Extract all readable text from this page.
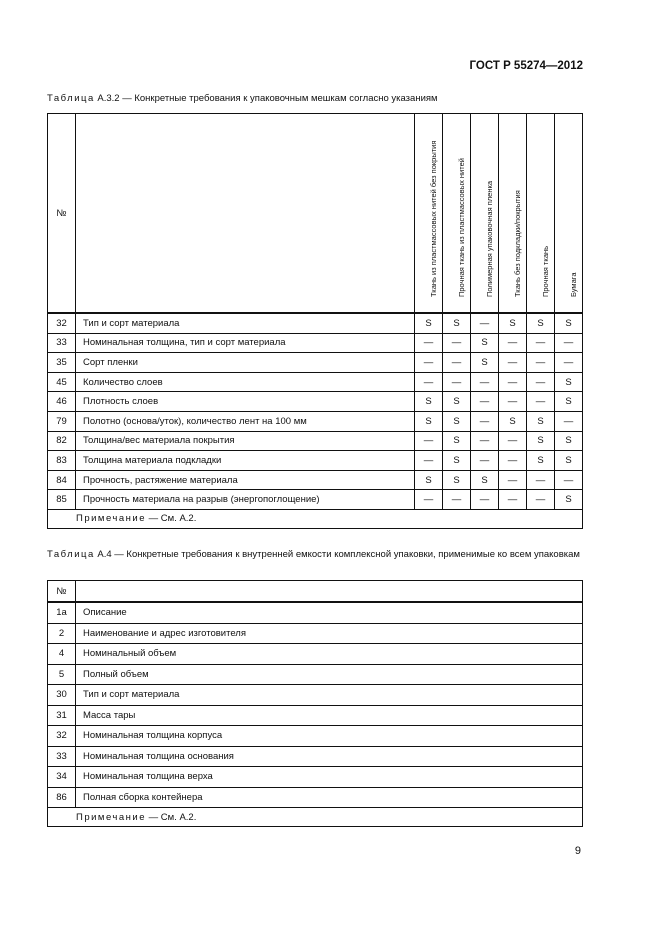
ГОСТ Р 55274—2012
Таблица А.3.2 — Конкретные требования к упаковочным мешкам согласно указаниям
№		Ткань из пластмассовых нитей без покрытия	Прочная ткань из пластмассовых нитей	Полимерная упаковочная пленка	Ткань без подкладки/покрытия	Прочная ткань	Бумага

32	Тип и сорт материала	S	S	—	S	S	S
33	Номинальная толщина, тип и сорт материала	—	—	S	—	—	—
35	Сорт пленки	—	—	S	—	—	—
45	Количество слоев	—	—	—	—	—	S
46	Плотность слоев	S	S	—	—	—	S
79	Полотно (основа/уток), количество лент на 100 мм	S	S	—	S	S	—
82	Толщина/вес материала покрытия	—	S	—	—	S	S
83	Толщина материала подкладки	—	S	—	—	S	S
84	Прочность, растяжение материала	S	S	S	—	—	—
85	Прочность материала на разрыв (энергопоглощение)	—	—	—	—	—	S
Примечание — См. А.2.							
Таблица А.4 — Конкретные требования к внутренней емкости комплексной упаковки, применимые ко всем упаковкам
№	
1а	Описание
2	Наименование и адрес изготовителя
4	Номинальный объем
5	Полный объем
30	Тип и сорт материала
31	Масса тары
32	Номинальная толщина корпуса
33	Номинальная толщина основания
34	Номинальная толщина верха
86	Полная сборка контейнера
Примечание — См. А.2.	
9
